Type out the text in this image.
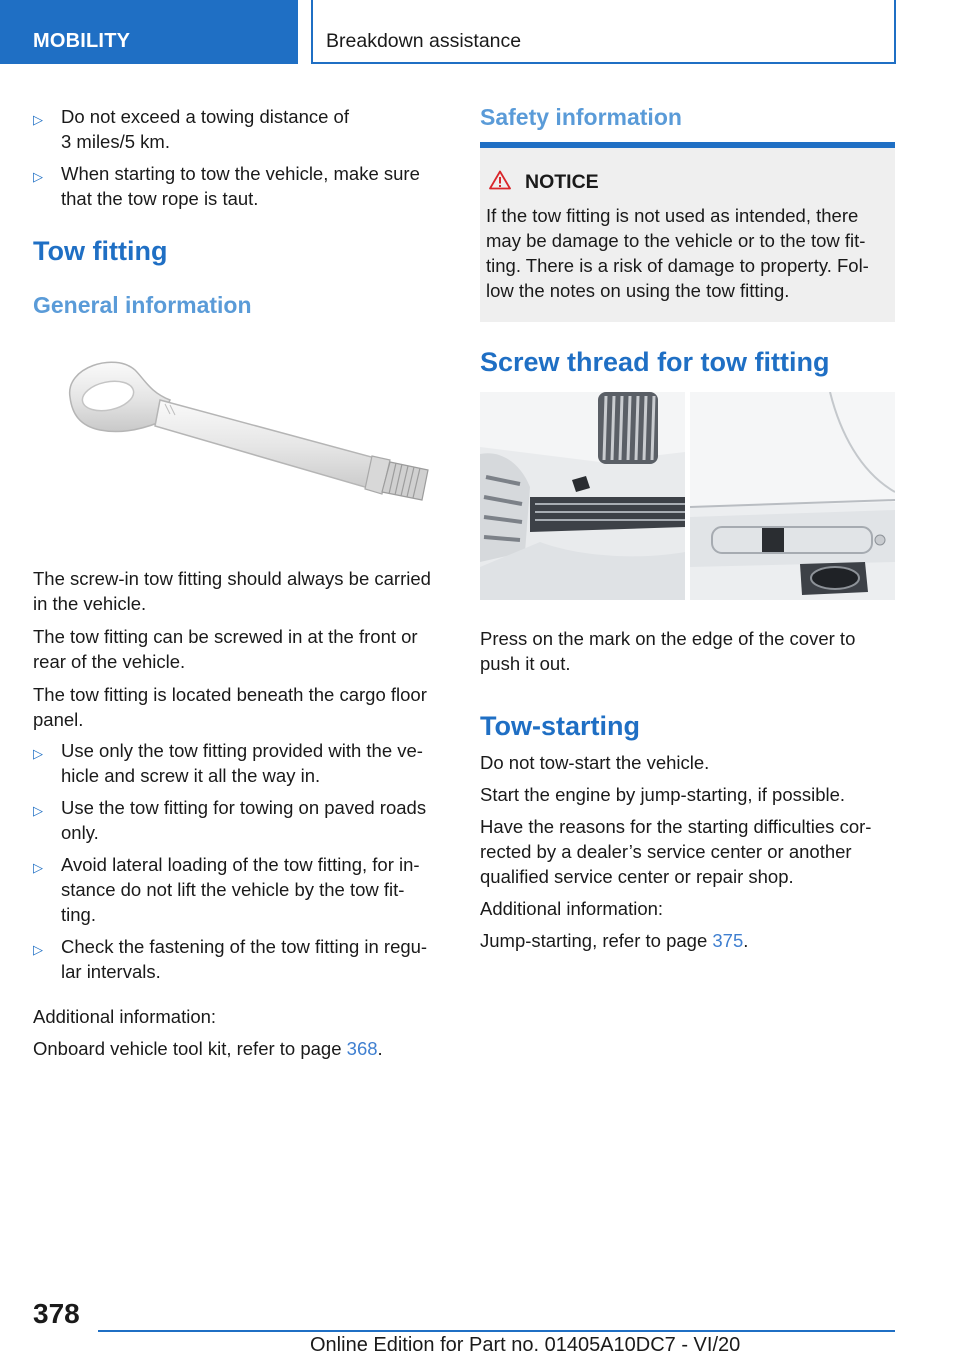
MOBILITY	Breakdown assistance
▷ Do not exceed a towing distance of
3 miles/5 km.
▷ When starting to tow the vehicle, make sure
that the tow rope is taut.
Tow fitting
General information
The screw-in tow fitting should always be carried
in the vehicle.
The tow fitting can be screwed in at the front or
rear of the vehicle.
The tow fitting is located beneath the cargo floor
panel.
▷ Use only the tow fitting provided with the ve-
hicle and screw it all the way in.
▷ Use the tow fitting for towing on paved roads
only.
▷ Avoid lateral loading of the tow fitting, for in-
stance do not lift the vehicle by the tow fit-
ting.
▷ Check the fastening of the tow fitting in regu-
lar intervals.
Additional information:
Onboard vehicle tool kit, refer to page 368.
Safety information
NOTICE
If the tow fitting is not used as intended, there
may be damage to the vehicle or to the tow fit-
ting. There is a risk of damage to property. Fol-
low the notes on using the tow fitting.
Screw thread for tow fitting
Press on the mark on the edge of the cover to
push it out.
Tow-starting
Do not tow-start the vehicle.
Start the engine by jump-starting, if possible.
Have the reasons for the starting difficulties cor-
rected by a dealer’s service center or another
qualified service center or repair shop.
Additional information:
Jump-starting, refer to page 375.
378
Online Edition for Part no. 01405A10DC7 - VI/20
